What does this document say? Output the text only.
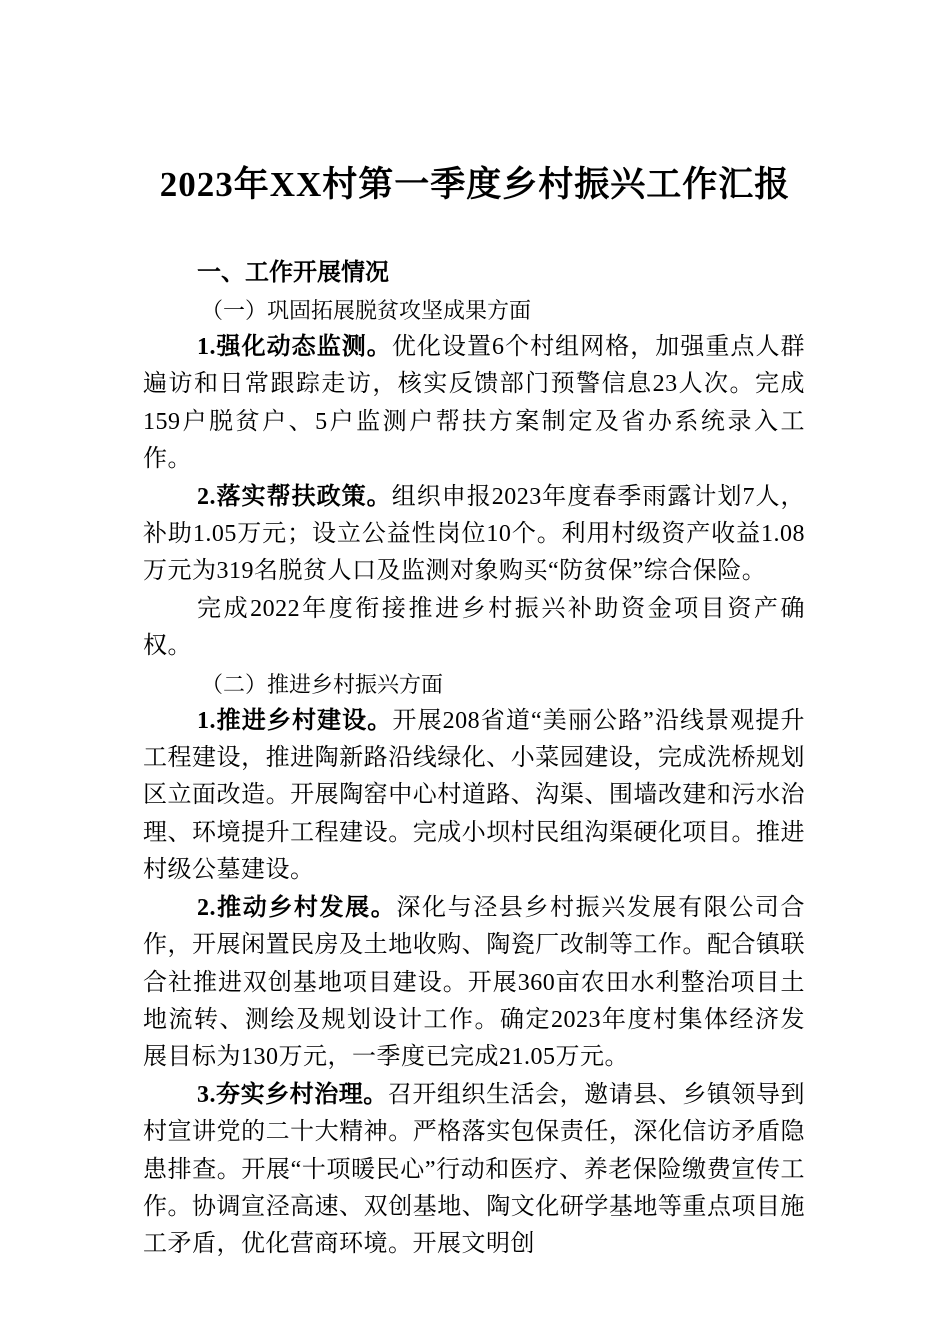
2023年XX村第一季度乡村振兴工作汇报

一、工作开展情况

（一）巩固拓展脱贫攻坚成果方面

1.强化动态监测。优化设置6个村组网格，加强重点人群遍访和日常跟踪走访，核实反馈部门预警信息23人次。完成159户脱贫户、5户监测户帮扶方案制定及省办系统录入工作。

2.落实帮扶政策。组织申报2023年度春季雨露计划7人，补助1.05万元；设立公益性岗位10个。利用村级资产收益1.08万元为319名脱贫人口及监测对象购买“防贫保”综合保险。

完成2022年度衔接推进乡村振兴补助资金项目资产确权。

（二）推进乡村振兴方面

1.推进乡村建设。开展208省道“美丽公路”沿线景观提升工程建设，推进陶新路沿线绿化、小菜园建设，完成洗桥规划区立面改造。开展陶窑中心村道路、沟渠、围墙改建和污水治理、环境提升工程建设。完成小坝村民组沟渠硬化项目。推进村级公墓建设。

2.推动乡村发展。深化与泾县乡村振兴发展有限公司合作，开展闲置民房及土地收购、陶瓷厂改制等工作。配合镇联合社推进双创基地项目建设。开展360亩农田水利整治项目土地流转、测绘及规划设计工作。确定2023年度村集体经济发展目标为130万元，一季度已完成21.05万元。

3.夯实乡村治理。召开组织生活会，邀请县、乡镇领导到村宣讲党的二十大精神。严格落实包保责任，深化信访矛盾隐患排查。开展“十项暖民心”行动和医疗、养老保险缴费宣传工作。协调宣泾高速、双创基地、陶文化研学基地等重点项目施工矛盾，优化营商环境。开展文明创
